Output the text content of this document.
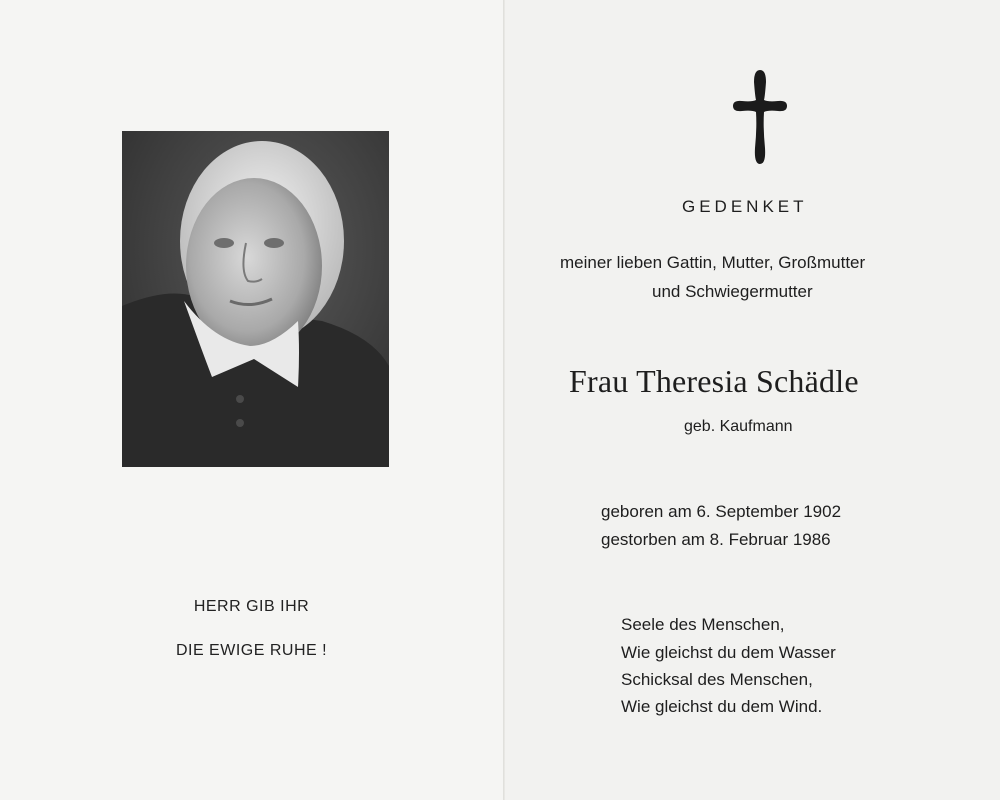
HERR GIB IHR
DIE EWIGE RUHE !
GEDENKET
meiner lieben Gattin, Mutter, Großmutter
und Schwiegermutter
Frau Theresia Schädle
geb. Kaufmann
geboren am 6. September 1902
gestorben am 8. Februar 1986
Seele des Menschen,
Wie gleichst du dem Wasser
Schicksal des Menschen,
Wie gleichst du dem Wind.
